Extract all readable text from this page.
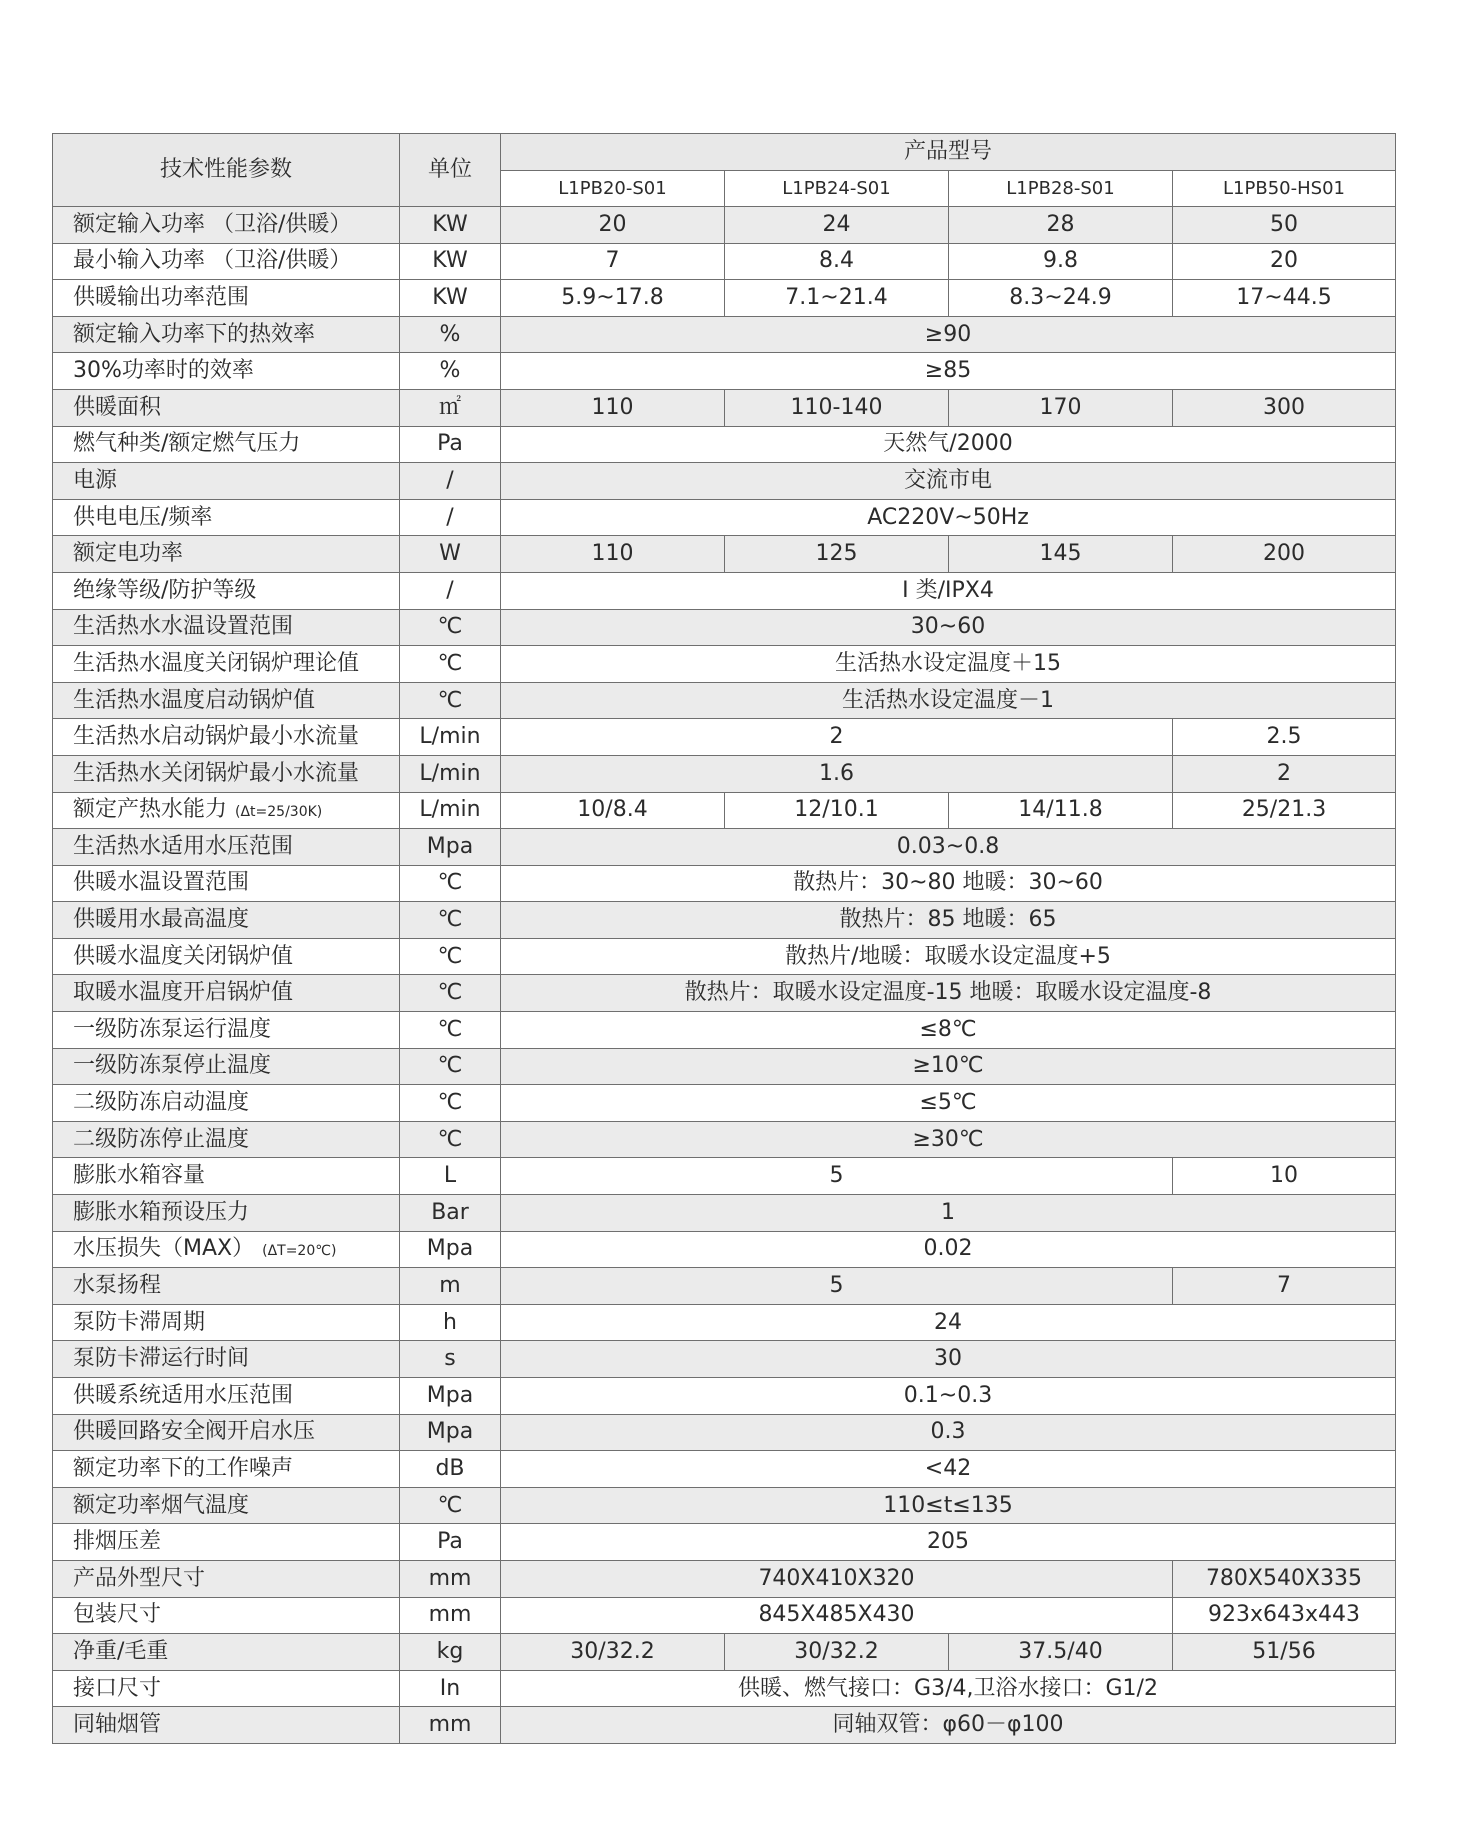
技术性能参数	单位	产品型号			
		L1PB20-S01	L1PB24-S01	L1PB28-S01	L1PB50-HS01
额定输入功率 （卫浴/供暖）	KW	20	24	28	50
最小输入功率 （卫浴/供暖）	KW	7	8.4	9.8	20
供暖输出功率范围	KW	5.9~17.8	7.1~21.4	8.3~24.9	17~44.5
额定输入功率下的热效率	%	≥90			
30%功率时的效率	%	≥85			
供暖面积	㎡	110	110-140	170	300
燃气种类/额定燃气压力	Pa	天然气/2000			
电源	/	交流市电			
供电电压/频率	/	AC220V~50Hz			
额定电功率	W	110	125	145	200
绝缘等级/防护等级	/	I 类/IPX4			
生活热水水温设置范围	℃	30~60			
生活热水温度关闭锅炉理论值	℃	生活热水设定温度＋15			
生活热水温度启动锅炉值	℃	生活热水设定温度－1			
生活热水启动锅炉最小水流量	L/min	2			2.5
生活热水关闭锅炉最小水流量	L/min	1.6			2
额定产热水能力 (Δt=25/30K)	L/min	10/8.4	12/10.1	14/11.8	25/21.3
生活热水适用水压范围	Mpa	0.03~0.8			
供暖水温设置范围	℃	散热片：30~80 地暖：30~60			
供暖用水最高温度	℃	散热片：85 地暖：65			
供暖水温度关闭锅炉值	℃	散热片/地暖：取暖水设定温度+5			
取暖水温度开启锅炉值	℃	散热片：取暖水设定温度-15 地暖：取暖水设定温度-8			
一级防冻泵运行温度	℃	≤8℃			
一级防冻泵停止温度	℃	≥10℃			
二级防冻启动温度	℃	≤5℃			
二级防冻停止温度	℃	≥30℃			
膨胀水箱容量	L	5			10
膨胀水箱预设压力	Bar	1			
水压损失（MAX） (ΔT=20℃)	Mpa	0.02			
水泵扬程	m	5			7
泵防卡滞周期	h	24			
泵防卡滞运行时间	s	30			
供暖系统适用水压范围	Mpa	0.1~0.3			
供暖回路安全阀开启水压	Mpa	0.3			
额定功率下的工作噪声	dB	<42			
额定功率烟气温度	℃	110≤t≤135			
排烟压差	Pa	205			
产品外型尺寸	mm	740X410X320			780X540X335
包装尺寸	mm	845X485X430			923x643x443
净重/毛重	kg	30/32.2	30/32.2	37.5/40	51/56
接口尺寸	In	供暖、燃气接口：G3/4,卫浴水接口：G1/2			
同轴烟管	mm	同轴双管：φ60－φ100			
